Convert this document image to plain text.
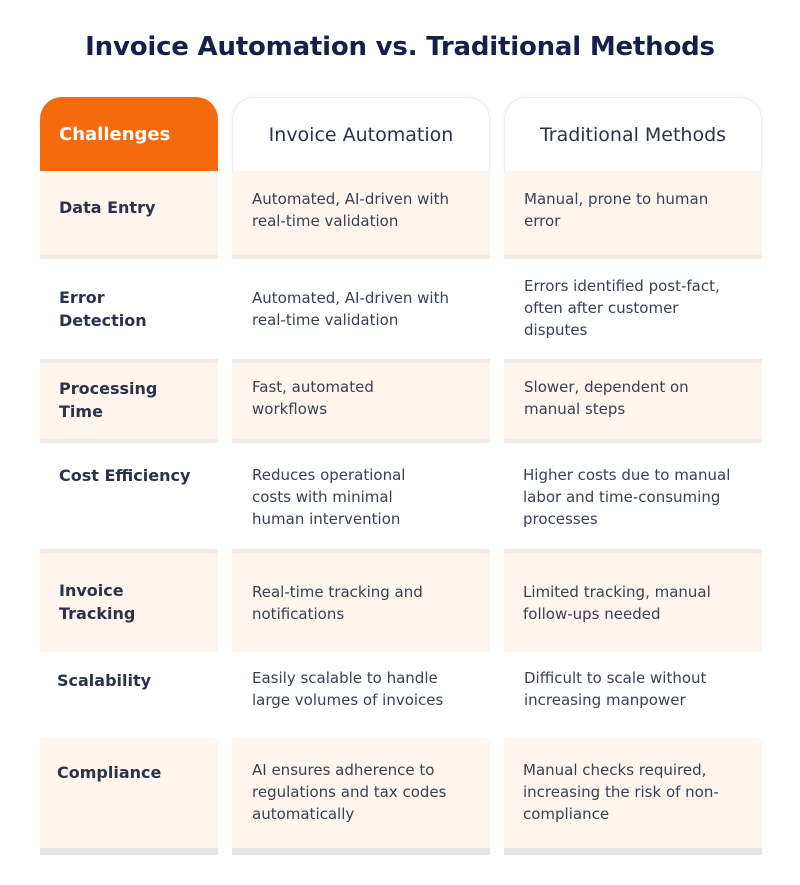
Invoice Automation vs. Traditional Methods
Challenges
Data Entry
Error Detection
Processing Time
Cost Efficiency
Invoice Tracking
Scalability
Compliance
Invoice Automation
Automated, AI-driven with real-time validation
Automated, AI-driven with real-time validation
Fast, automated workflows
Reduces operational costs with minimal human intervention
Real-time tracking and notifications
Easily scalable to handle large volumes of invoices
AI ensures adherence to regulations and tax codes automatically
Traditional Methods
Manual, prone to human error
Errors identified post-fact, often after customer disputes
Slower, dependent on manual steps
Higher costs due to manual labor and time-consuming processes
Limited tracking, manual follow-ups needed
Difficult to scale without increasing manpower
Manual checks required, increasing the risk of non-compliance
